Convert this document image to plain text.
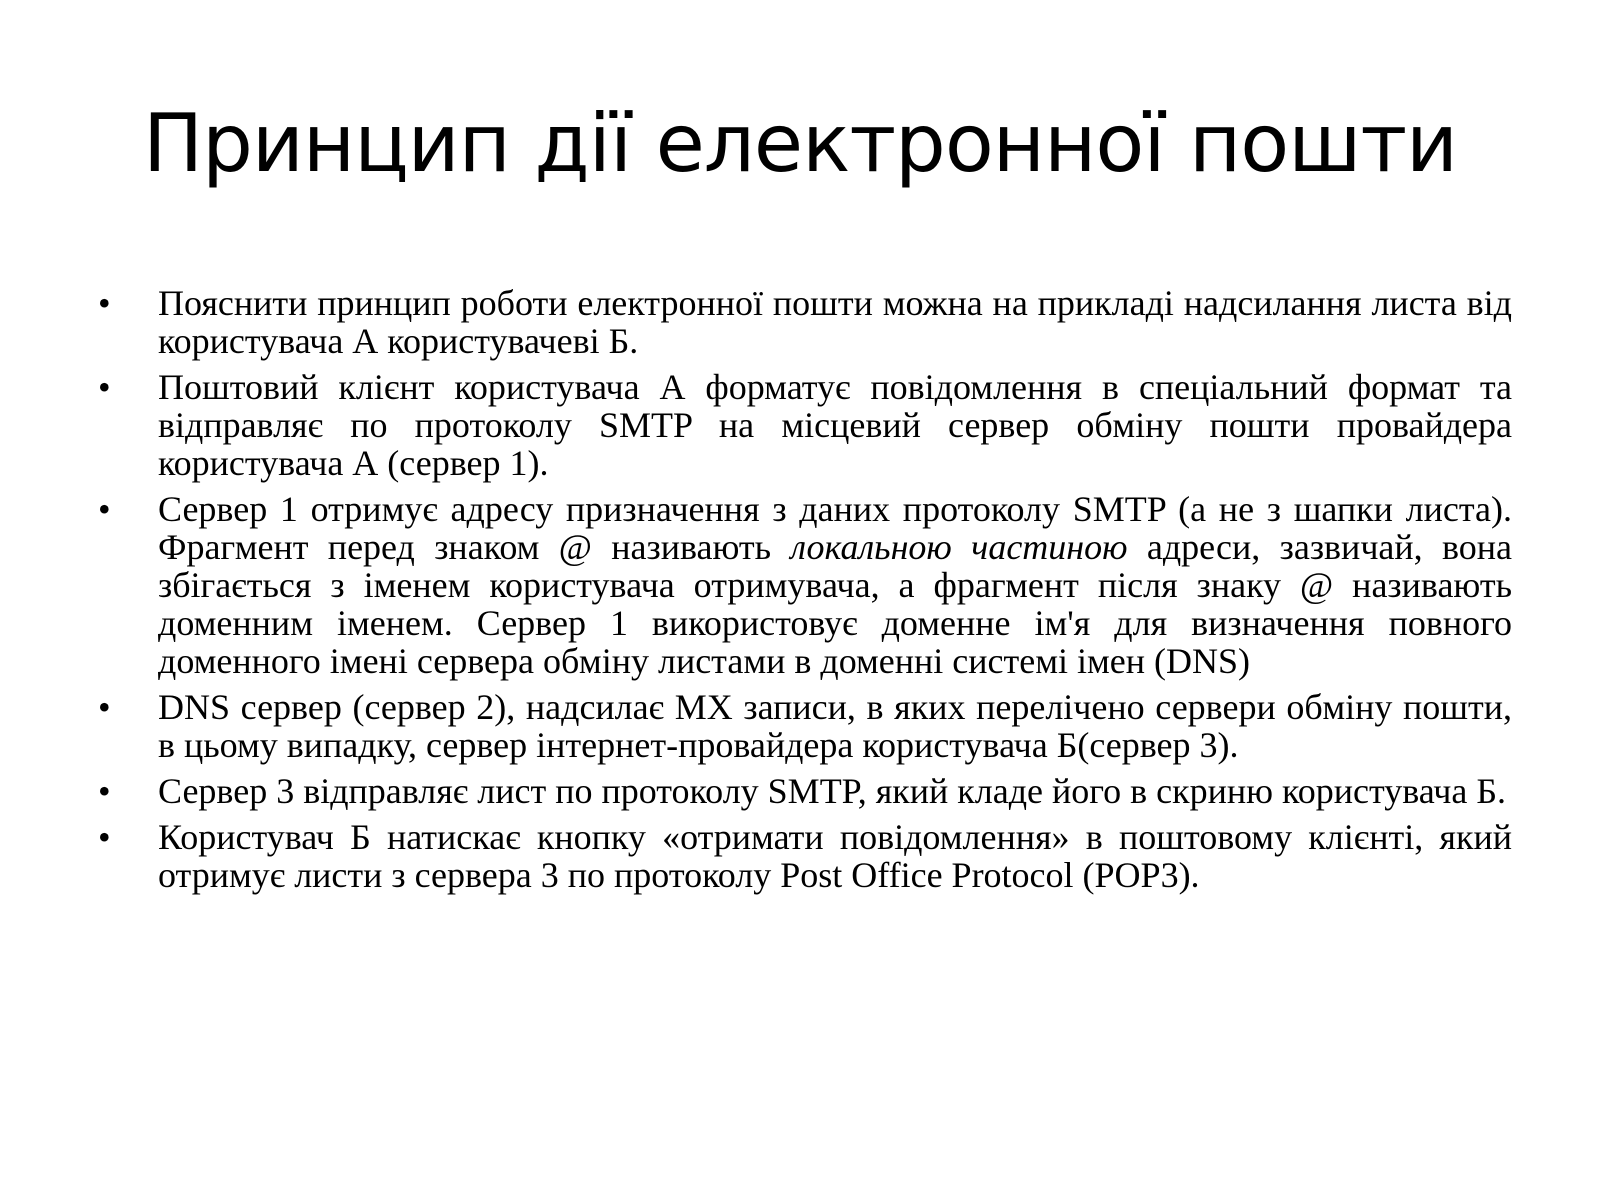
Принцип дії електронної пошти
• Пояснити принцип роботи електронної пошти можна на прикладі надсилання листа від користувача А користувачеві Б.
• Поштовий клієнт користувача А форматує повідомлення в спеціальний формат та відправляє по протоколу SMTP на місцевий сервер обміну пошти провайдера користувача А (сервер 1).
• Сервер 1 отримує адресу призначення з даних протоколу SMTP (а не з шапки листа). Фрагмент перед знаком @ називають локальною частиною адреси, зазвичай, вона збігається з іменем користувача отримувача, а фрагмент після знаку @ називають доменним іменем. Сервер 1 використовує доменне ім'я для визначення повного доменного імені сервера обміну листами в доменні системі імен (DNS)
• DNS сервер (сервер 2), надсилає MX записи, в яких перелічено сервери обміну пошти, в цьому випадку, сервер інтернет-провайдера користувача Б(сервер 3).
• Сервер 3 відправляє лист по протоколу SMTP, який кладе його в скриню користувача Б.
• Користувач Б натискає кнопку «отримати повідомлення» в поштовому клієнті, який отримує листи з сервера 3 по протоколу Post Office Protocol (POP3).
